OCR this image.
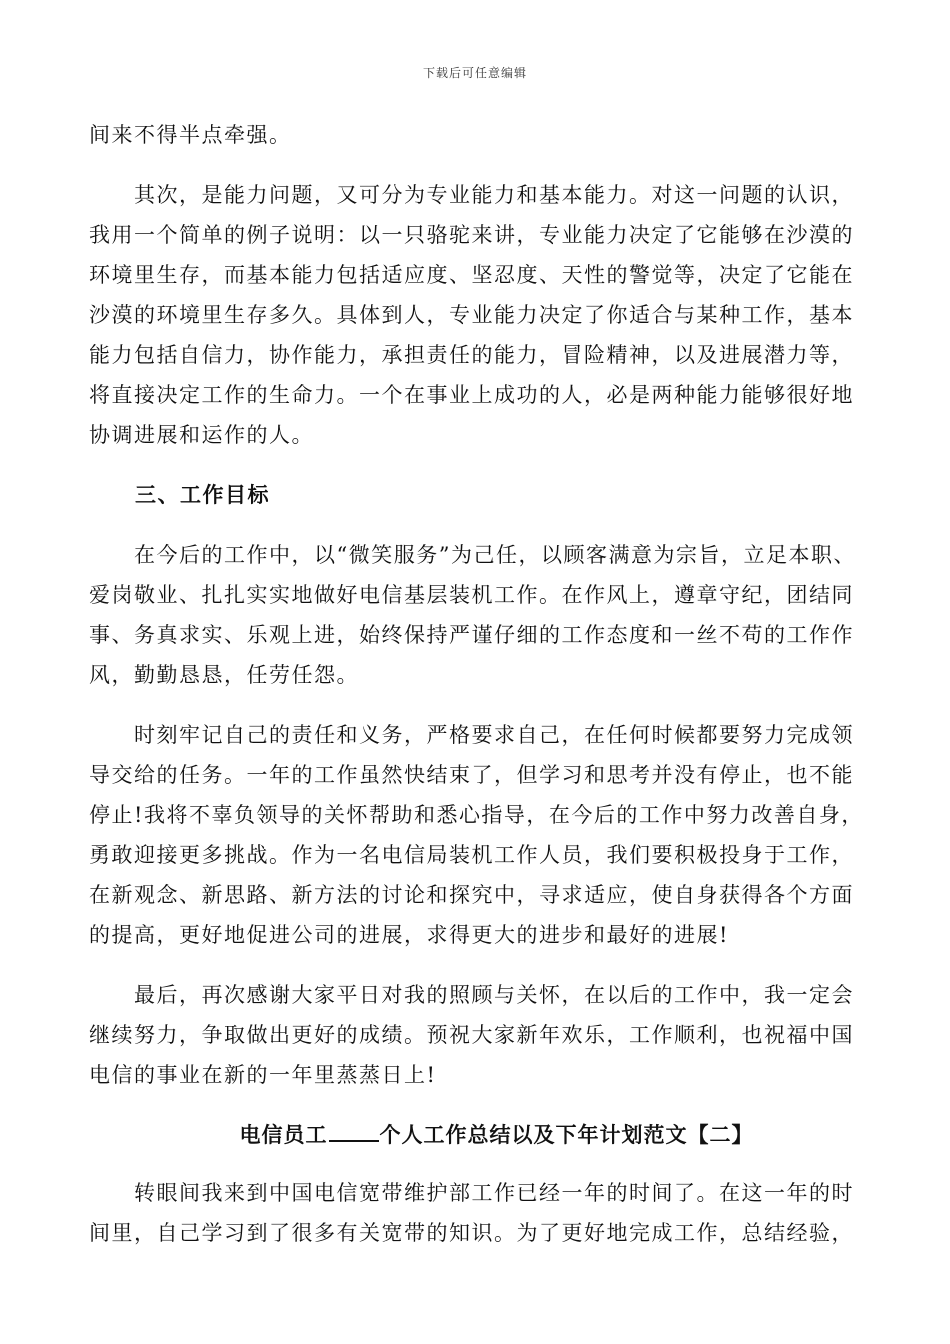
下载后可任意编辑
间来不得半点牵强。
　　其次，是能力问题，又可分为专业能力和基本能力。对这一问题的认识，
我用一个简单的例子说明：以一只骆驼来讲，专业能力决定了它能够在沙漠的
环境里生存，而基本能力包括适应度、坚忍度、天性的警觉等，决定了它能在
沙漠的环境里生存多久。具体到人，专业能力决定了你适合与某种工作，基本
能力包括自信力，协作能力，承担责任的能力，冒险精神，以及进展潜力等，
将直接决定工作的生命力。一个在事业上成功的人，必是两种能力能够很好地
协调进展和运作的人。
三、工作目标
　　在今后的工作中，以“微笑服务”为己任，以顾客满意为宗旨，立足本职、
爱岗敬业、扎扎实实地做好电信基层装机工作。在作风上，遵章守纪，团结同
事、务真求实、乐观上进，始终保持严谨仔细的工作态度和一丝不苟的工作作
风，勤勤恳恳，任劳任怨。
　　时刻牢记自己的责任和义务，严格要求自己，在任何时候都要努力完成领
导交给的任务。一年的工作虽然快结束了，但学习和思考并没有停止，也不能
停止!我将不辜负领导的关怀帮助和悉心指导，在今后的工作中努力改善自身，
勇敢迎接更多挑战。作为一名电信局装机工作人员，我们要积极投身于工作，
在新观念、新思路、新方法的讨论和探究中，寻求适应，使自身获得各个方面
的提高，更好地促进公司的进展，求得更大的进步和最好的进展!
　　最后，再次感谢大家平日对我的照顾与关怀，在以后的工作中，我一定会
继续努力，争取做出更好的成绩。预祝大家新年欢乐，工作顺利，也祝福中国
电信的事业在新的一年里蒸蒸日上!
电信员工 个人工作总结以及下年计划范文【二】
　　转眼间我来到中国电信宽带维护部工作已经一年的时间了。在这一年的时
间里，自己学习到了很多有关宽带的知识。为了更好地完成工作，总结经验，
